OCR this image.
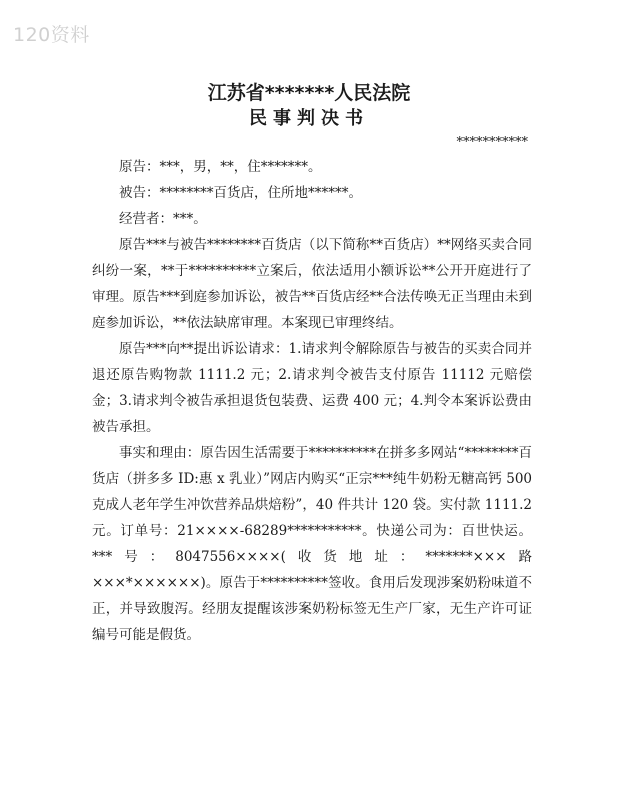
120资料
江苏省*******人民法院
民事判决书
***********

原告：***，男，**，住*******。

被告：********百货店，住所地******。

经营者：***。

原告***与被告********百货店（以下简称**百货店）**网络买卖合同纠纷一案，**于**********立案后，依法适用小额诉讼**公开开庭进行了审理。原告***到庭参加诉讼，被告**百货店经**合法传唤无正当理由未到庭参加诉讼，**依法缺席审理。本案现已审理终结。

原告***向**提出诉讼请求：1.请求判令解除原告与被告的买卖合同并退还原告购物款 1111.2 元；2.请求判令被告支付原告 11112 元赔偿金；3.请求判令被告承担退货包装费、运费 400 元；4.判令本案诉讼费由被告承担。

事实和理由：原告因生活需要于**********在拼多多网站“********百货店（拼多多 ID:惠 x 乳业）”网店内购买“正宗***纯牛奶粉无糖高钙 500 克成人老年学生冲饮营养品烘焙粉”，40 件共计 120 袋。实付款 1111.2 元。订单号：21××××-68289***********。快递公司为：百世快运。***号：8047556××××(收货地址：*******×××路×××*××××××)。原告于**********签收。食用后发现涉案奶粉味道不正，并导致腹泻。经朋友提醒该涉案奶粉标签无生产厂家，无生产许可证编号可能是假货。
